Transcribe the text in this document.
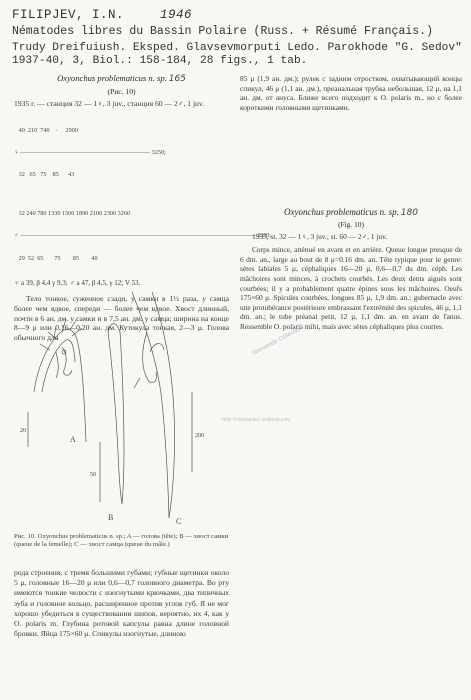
FILIPJEV, I.N.	1946
Nématodes libres du Bassin Polaire (Russ. + Résumé Français.)
Trudy Dreifuiush. Eksped. Glavsevmorputi Ledo. Parokhode "G. Sedov"
1937-40, 3, Biol.: 158-184, 28 figs., 1 tab.
Oxyonchus problematicus n. sp. 165
(Рис. 10)
1935 г. — станция 32 — 1♀, 3 juv., станция 60 — 2♂, 1 juv.

40  210  740    ·     2900

♀ ————————————————————— 3250;

32   65   75    85      43

32 240 780 1330 1500 1890 2100 2300 3260

♂ —————————————————————————————————————— 3350;

29  52  65       75        85        40

♀ a 39, β 4,4 γ 9,3; ♂ a 47, β 4,5, γ 12; V 53.
Тело тонкое, суженное сзади, у самки в 1½ раза, у самца более чем вдвое, спереди — более чем вдвое. Хвост длинный, почти в 6 ан. дм. у самки и в 7,5 ан. дм. у самца; ширина на конце 8—9 μ или 0,16—0,20 ан. дм. Кутикула тонкая, 2—3 μ. Голова обычного для
85 μ (1,9 ан. дм.); рулек с задним отростком, охватывающий концы спикул, 46 μ (1,1 ан. дм.), преанальная трубка небольшая, 12 μ, на 1,1 ан. дм. от ануса. Ближе всего подходит к O. polaris m., но с более короткими головными щетинками.
Oxyonchus problematicus n. sp. 180
(Fig. 10)
1935, st. 32 — 1♀, 3 juv.; st. 60 — 2♂, 1 juv.
Corps mince, atténué en avant et en arrière. Queue longue presque de 6 dm. an., large au bout de 8 μ=0.16 dm. an. Tête typique pour le genre: sètes labiales 5 μ, céphaliques 16—20 μ, 0,6—0,7 du dm. céph. Les mâchoires sont minces, à crochets courbés. Les deux dents aiguës sont courbées; il y a probablement quatre épines sous les mâchoires. Oeufs 175×60 μ. Spicules courbées, longues 85 μ, 1,9 dm. an.; gubernacle avec une protubérance postérieure embrassant l'extrémité des spicules, 46 μ, 1,1 dm. an.; le tube préanal petit, 12 μ, 1,1 dm. an. en avant de l'anus. Ressemble O. polaris mihi, mais avec sètes céphaliques plus courtes.
Nematode Collection
http://nemaplex.ucdavis.edu
A
B	C
20
50
200
Рис. 10. Oxyonchus problematicus n. sp.; A — голова (tête); B — хвост самки (queue de la femelle); C — хвост самца (queue du mâle.)
рода строения, с тремя большими губами; губные щетинки около 5 μ, головные 16—20 μ или 0,6—0,7 головного диаметра. Во рту имеются тонкие челюсти с изогнутыми крючками, два типичных зуба и головное кольцо, расширенное против углов губ. Я не мог хорошо убедиться в существовании шипов, вероятно, их 4, как у O. polaris m. Глубина ротовой капсулы равна длине головной бровки. Яйца 175×60 μ. Спикулы изогнутые, длиною
